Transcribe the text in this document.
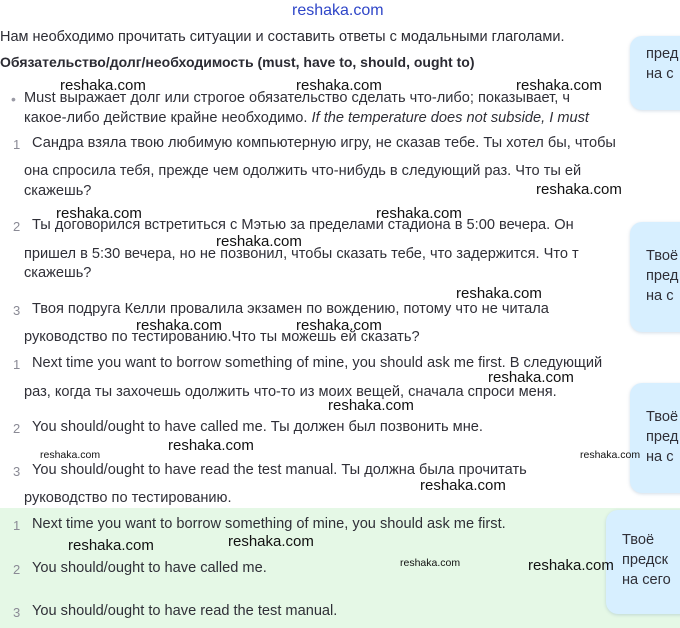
reshaka.com
Нам необходимо прочитать ситуации и составить ответы с модальными глаголами.
Обязательство/долг/необходимость (must, have to, should, ought to)
• Must выражает долг или строгое обязательство сделать что-либо; показывает, ч
какое-либо действие крайне необходимо. If the temperature does not subside, I must
1 Сандра взяла твою любимую компьютерную игру, не сказав тебе. Ты хотел бы, чтобы
она спросила тебя, прежде чем одолжить что-нибудь в следующий раз. Что ты ей
скажешь?
2 Ты договорился встретиться с Мэтью за пределами стадиона в 5:00 вечера. Он
пришел в 5:30 вечера, но не позвонил, чтобы сказать тебе, что задержится. Что т
скажешь?
3 Твоя подруга Келли провалила экзамен по вождению, потому что не читала
руководство по тестированию.Что ты можешь ей сказать?
1 Next time you want to borrow something of mine, you should ask me first. В следующий
раз, когда ты захочешь одолжить что-то из моих вещей, сначала спроси меня.
2 You should/ought to have called me. Ты должен был позвонить мне.
3 You should/ought to have read the test manual. Ты должна была прочитать
руководство по тестированию.
1 Next time you want to borrow something of mine, you should ask me first.
2 You should/ought to have called me.
3 You should/ought to have read the test manual.
пред
на с
Твоё
пред
на с
Твоё
пред
на с
Твоё
предск
на сего
reshaka.com	reshaka.com	reshaka.com
reshaka.com
reshaka.com	reshaka.com
reshaka.com
reshaka.com
reshaka.com	reshaka.com
reshaka.com
reshaka.com
reshaka.com
reshaka.com	reshaka.com
reshaka.com
reshaka.com	reshaka.com
reshaka.com	reshaka.com
